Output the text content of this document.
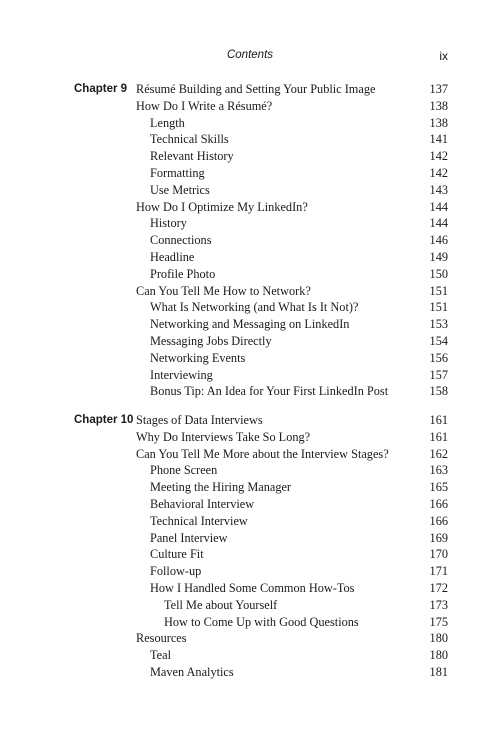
Contents	ix
Chapter 9 Résumé Building and Setting Your Public Image	137
How Do I Write a Résumé?	138
Length	138
Technical Skills	141
Relevant History	142
Formatting	142
Use Metrics	143
How Do I Optimize My LinkedIn?	144
History	144
Connections	146
Headline	149
Profile Photo	150
Can You Tell Me How to Network?	151
What Is Networking (and What Is It Not)?	151
Networking and Messaging on LinkedIn	153
Messaging Jobs Directly	154
Networking Events	156
Interviewing	157
Bonus Tip: An Idea for Your First LinkedIn Post	158
Chapter 10 Stages of Data Interviews	161
Why Do Interviews Take So Long?	161
Can You Tell Me More about the Interview Stages?	162
Phone Screen	163
Meeting the Hiring Manager	165
Behavioral Interview	166
Technical Interview	166
Panel Interview	169
Culture Fit	170
Follow-up	171
How I Handled Some Common How-Tos	172
Tell Me about Yourself	173
How to Come Up with Good Questions	175
Resources	180
Teal	180
Maven Analytics	181
